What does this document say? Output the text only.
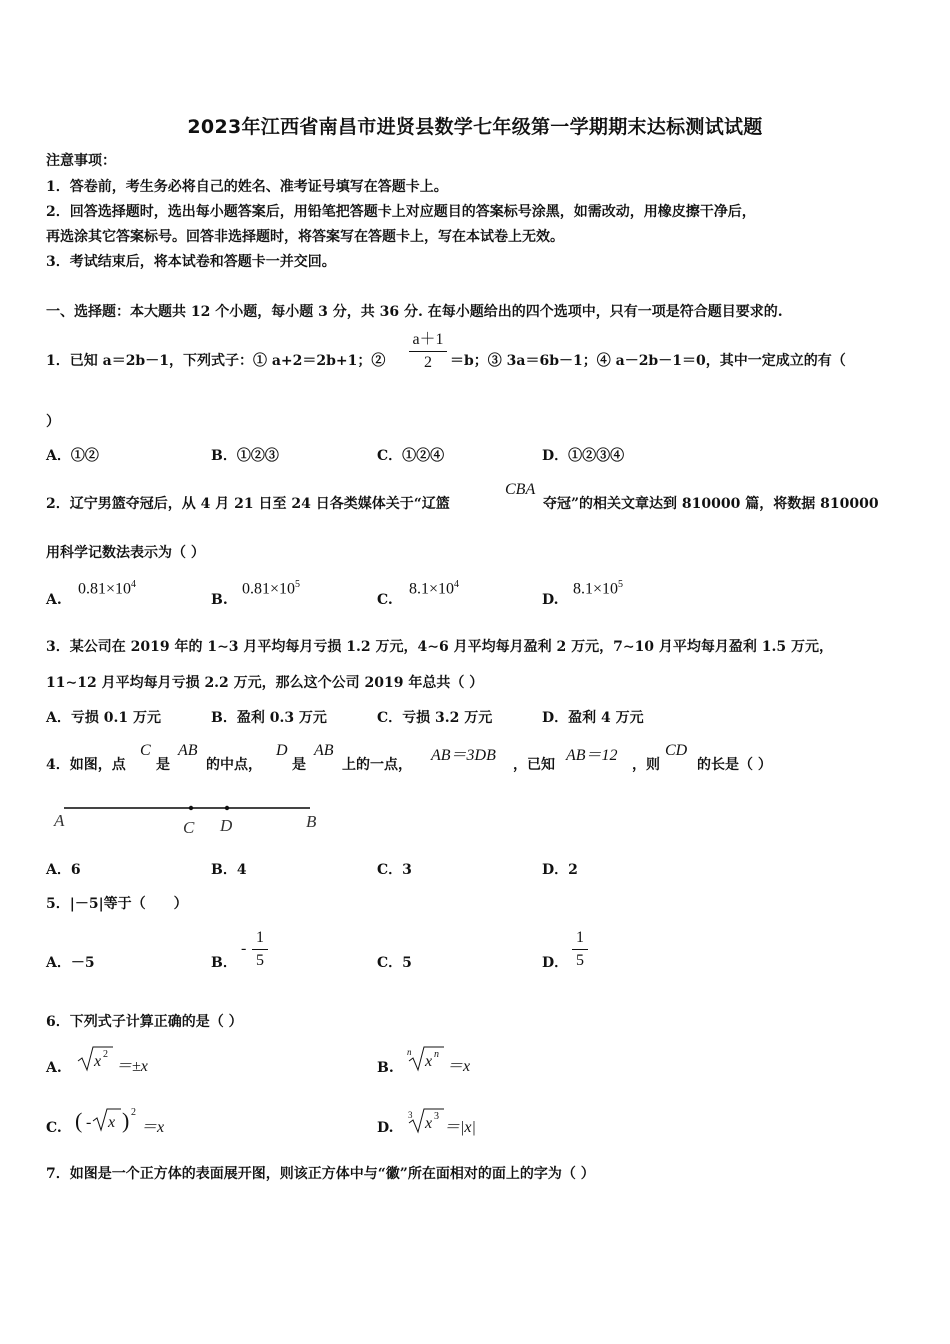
2023年江西省南昌市进贤县数学七年级第一学期期末达标测试试题
注意事项：
1．答卷前，考生务必将自己的姓名、准考证号填写在答题卡上。
2．回答选择题时，选出每小题答案后，用铅笔把答题卡上对应题目的答案标号涂黑，如需改动，用橡皮擦干净后，
再选涂其它答案标号。回答非选择题时，将答案写在答题卡上，写在本试卷上无效。
3．考试结束后，将本试卷和答题卡一并交回。
一、选择题：本大题共 12 个小题，每小题 3 分，共 36 分. 在每小题给出的四个选项中，只有一项是符合题目要求的.
1．已知 a＝2b－1，下列式子：① a+2＝2b+1；②
a＋1
2	＝b；③ 3a＝6b－1；④ a－2b－1＝0，其中一定成立的有（
）
A．①②	B．①②③	C．①②④	D．①②③④
2．辽宁男篮夺冠后，从 4 月 21 日至 24 日各类媒体关于“辽篮
CBA
夺冠”的相关文章达到 810000 篇，将数据 810000
用科学记数法表示为（ ）
A.
$0.81\times 10^4$
B.
$0.81\times 10^5$
C.
$8.1\times 10^4$
D.
$8.1\times 10^5$
3．某公司在 2019 年的 1∼3 月平均每月亏损 1.2 万元，4∼6 月平均每月盈利 2 万元，7∼10 月平均每月盈利 1.5 万元，
11∼12 月平均每月亏损 2.2 万元，那么这个公司 2019 年总共（ ）
A．亏损 0.1 万元	B．盈利 0.3 万元	C．亏损 3.2 万元	D．盈利 4 万元
4．如图，点
C
是
AB
的中点，
D
是
AB
上的一点，
AB＝3DB
，已知
AB＝12
，则
CD
的长是（ ）
A	C D	B
A．6	B．4	C．3	D．2
5．|－5|等于（　　）
A．－5	B．
-
1
5	C．5	D．
1
5
6．下列式子计算正确的是（ ）
A. x 2
＝±x	B.
n
x n
＝x
C. ( - x ) 2
＝x	D.
3 x 3
＝|x|
7．如图是一个正方体的表面展开图，则该正方体中与“徽”所在面相对的面上的字为（ ）
